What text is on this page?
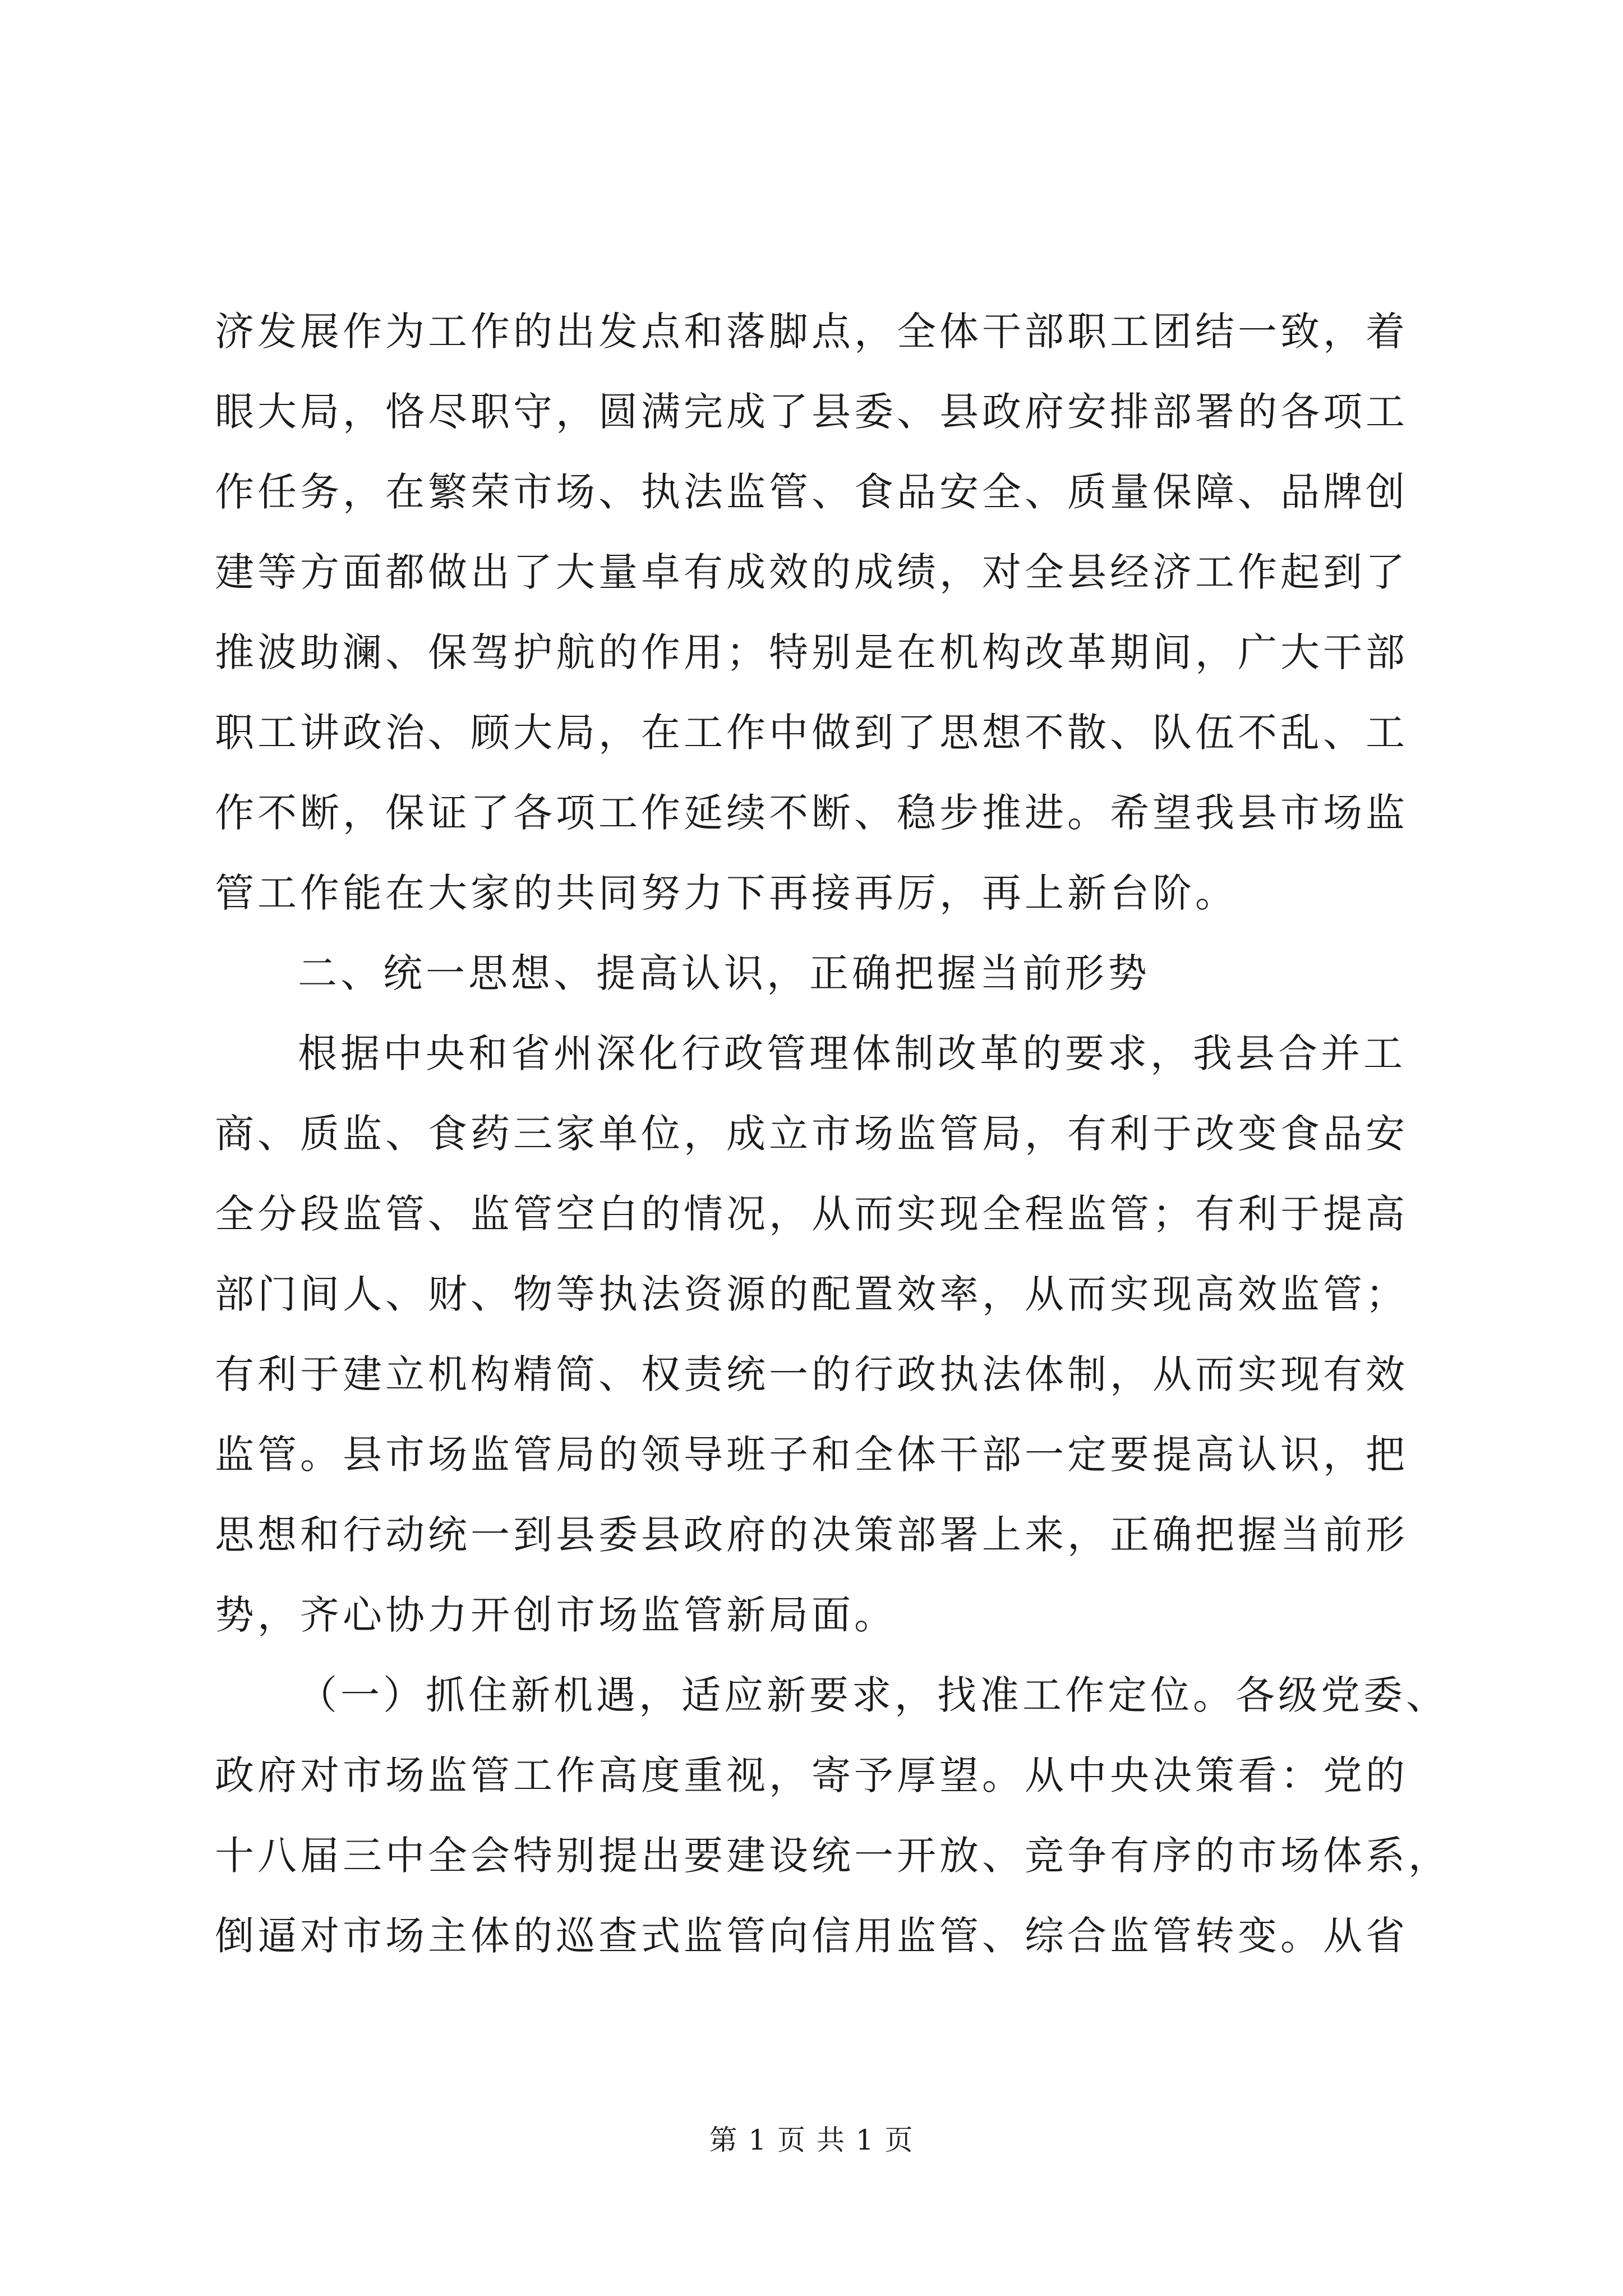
济发展作为工作的出发点和落脚点，全体干部职工团结一致，着
眼大局，恪尽职守，圆满完成了县委、县政府安排部署的各项工
作任务，在繁荣市场、执法监管、食品安全、质量保障、品牌创
建等方面都做出了大量卓有成效的成绩，对全县经济工作起到了
推波助澜、保驾护航的作用；特别是在机构改革期间，广大干部
职工讲政治、顾大局，在工作中做到了思想不散、队伍不乱、工
作不断，保证了各项工作延续不断、稳步推进。希望我县市场监
管工作能在大家的共同努力下再接再厉，再上新台阶。
二、统一思想、提高认识，正确把握当前形势
根据中央和省州深化行政管理体制改革的要求，我县合并工
商、质监、食药三家单位，成立市场监管局，有利于改变食品安
全分段监管、监管空白的情况，从而实现全程监管；有利于提高
部门间人、财、物等执法资源的配置效率，从而实现高效监管；
有利于建立机构精简、权责统一的行政执法体制，从而实现有效
监管。县市场监管局的领导班子和全体干部一定要提高认识，把
思想和行动统一到县委县政府的决策部署上来，正确把握当前形
势，齐心协力开创市场监管新局面。
（一）抓住新机遇，适应新要求，找准工作定位。各级党委、
政府对市场监管工作高度重视，寄予厚望。从中央决策看：党的
十八届三中全会特别提出要建设统一开放、竞争有序的市场体系，
倒逼对市场主体的巡查式监管向信用监管、综合监管转变。从省
第 1 页 共 1 页
